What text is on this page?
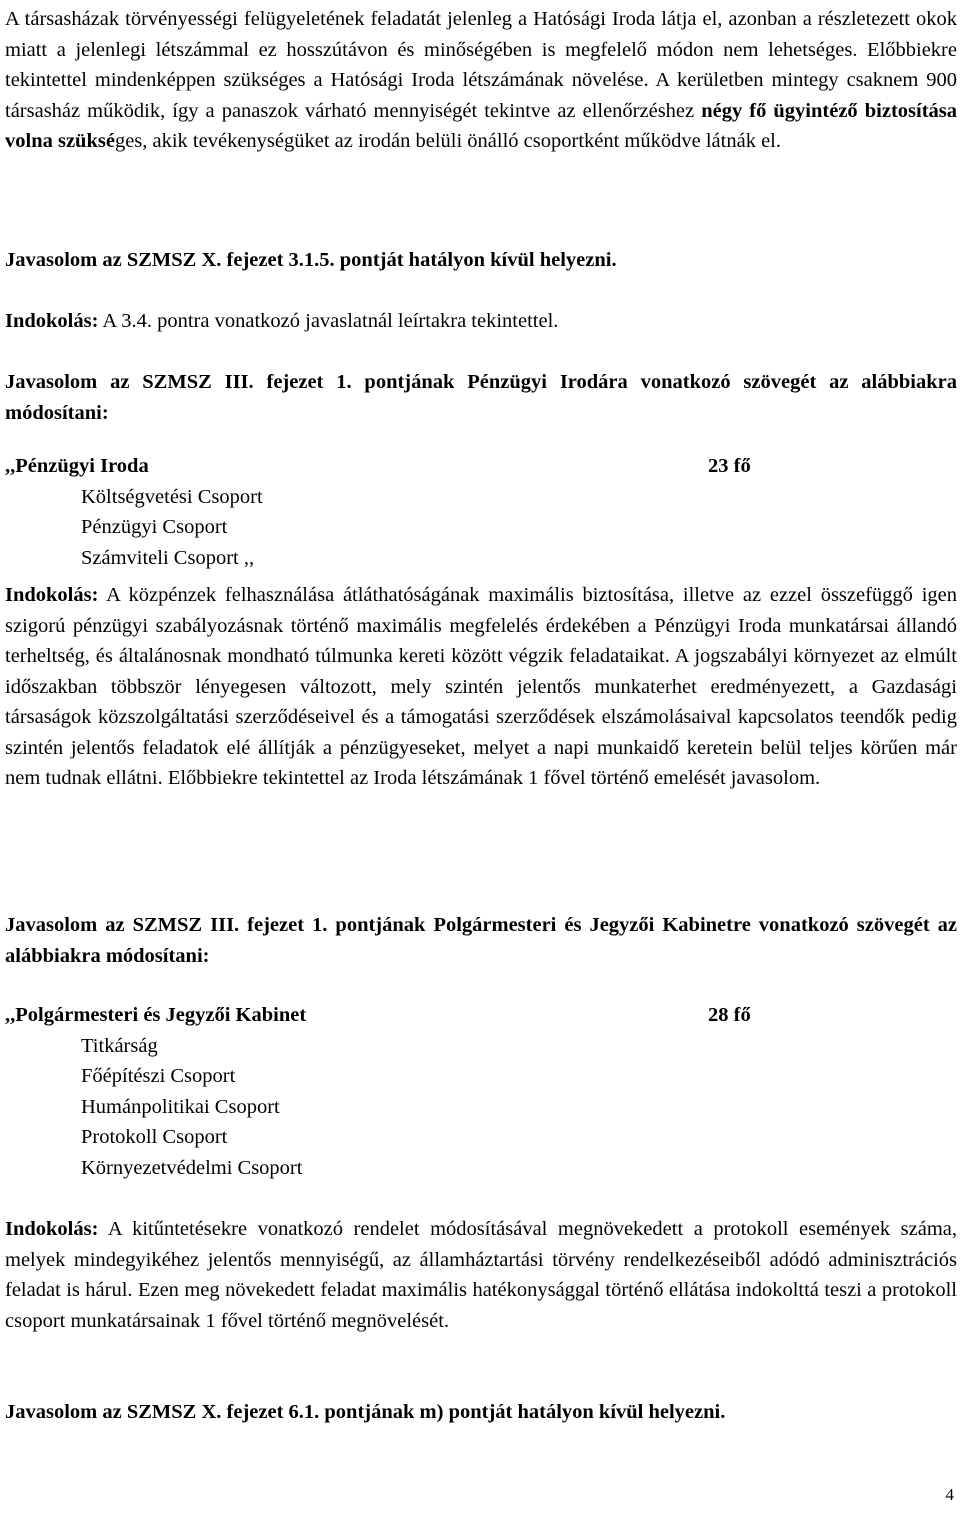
A társasházak törvényességi felügyeletének feladatát jelenleg a Hatósági Iroda látja el, azonban a részletezett okok miatt a jelenlegi létszámmal ez hosszútávon és minőségében is megfelelő módon nem lehetséges. Előbbiekre tekintettel mindenképpen szükséges a Hatósági Iroda létszámának növelése. A kerületben mintegy csaknem 900 társasház működik, így a panaszok várható mennyiségét tekintve az ellenőrzéshez négy fő ügyintéző biztosítása volna szükséges, akik tevékenységüket az irodán belüli önálló csoportként működve látnák el.

Javasolom az SZMSZ X. fejezet 3.1.5. pontját hatályon kívül helyezni.

Indokolás: A 3.4. pontra vonatkozó javaslatnál leírtakra tekintettel.

Javasolom az SZMSZ III. fejezet 1. pontjának Pénzügyi Irodára vonatkozó szövegét az alábbiakra módosítani:

,,Pénzügyi Iroda	23 fő
Költségvetési Csoport
Pénzügyi Csoport
Számviteli Csoport ,,

Indokolás: A közpénzek felhasználása átláthatóságának maximális biztosítása, illetve az ezzel összefüggő igen szigorú pénzügyi szabályozásnak történő maximális megfelelés érdekében a Pénzügyi Iroda munkatársai állandó terheltség, és általánosnak mondható túlmunka kereti között végzik feladataikat. A jogszabályi környezet az elmúlt időszakban többször lényegesen változott, mely szintén jelentős munkaterhet eredményezett, a Gazdasági társaságok közszolgáltatási szerződéseivel és a támogatási szerződések elszámolásaival kapcsolatos teendők pedig szintén jelentős feladatok elé állítják a pénzügyeseket, melyet a napi munkaidő keretein belül teljes körűen már nem tudnak ellátni. Előbbiekre tekintettel az Iroda létszámának 1 fővel történő emelését javasolom.

Javasolom az SZMSZ III. fejezet 1. pontjának Polgármesteri és Jegyzői Kabinetre vonatkozó szövegét az alábbiakra módosítani:

,,Polgármesteri és Jegyzői Kabinet	28 fő
Titkárság
Főépítészi Csoport
Humánpolitikai Csoport
Protokoll Csoport
Környezetvédelmi Csoport

Indokolás: A kitűntetésekre vonatkozó rendelet módosításával megnövekedett a protokoll események száma, melyek mindegyikéhez jelentős mennyiségű, az államháztartási törvény rendelkezéseiből adódó adminisztrációs feladat is hárul. Ezen meg növekedett feladat maximális hatékonysággal történő ellátása indokolttá teszi a protokoll csoport munkatársainak 1 fővel történő megnövelését.

Javasolom az SZMSZ X. fejezet 6.1. pontjának m) pontját hatályon kívül helyezni.

4
